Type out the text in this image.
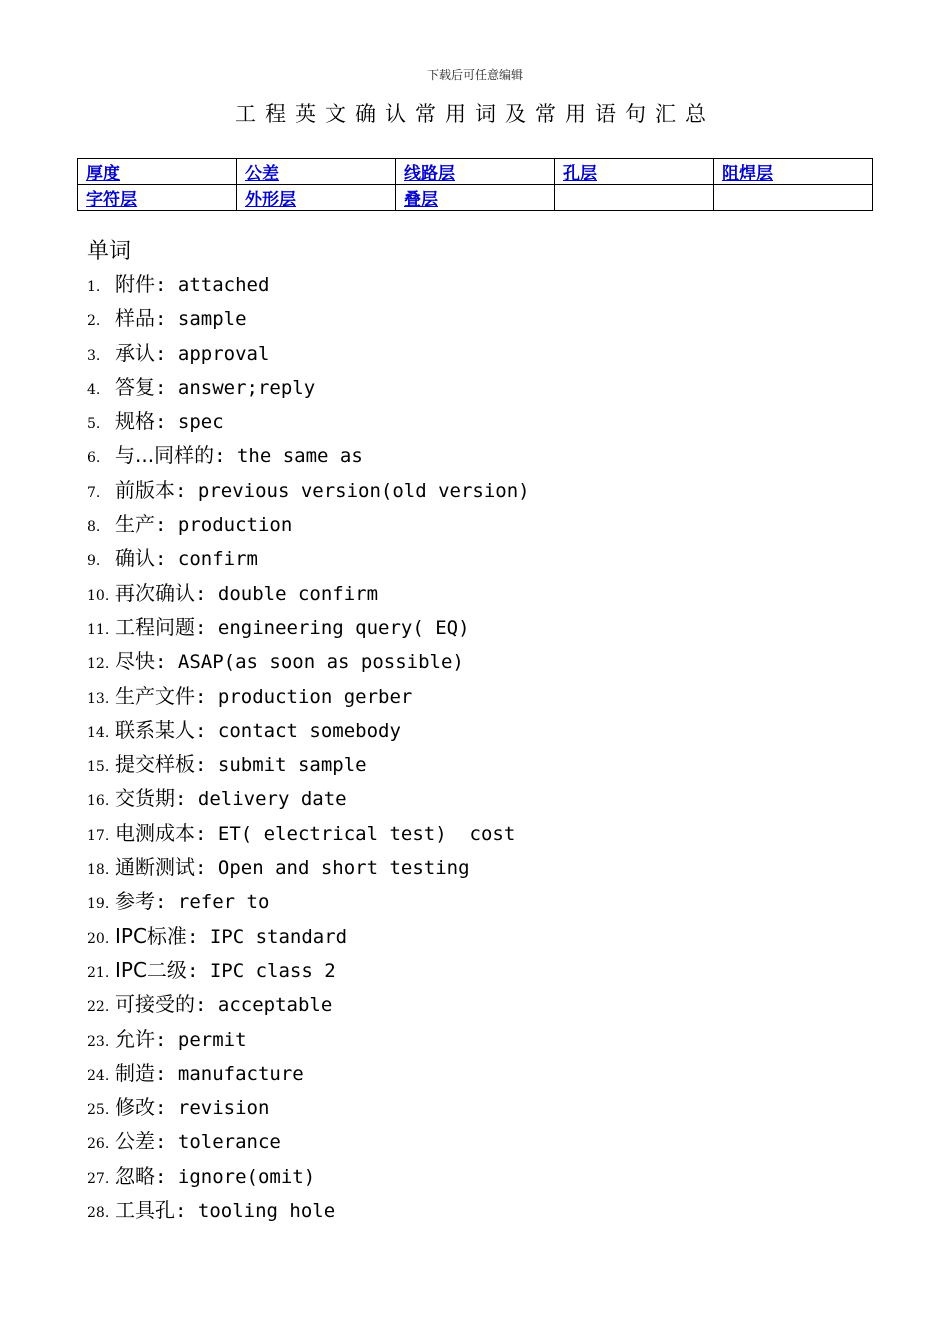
下载后可任意编辑
工程英文确认常用词及常用语句汇总
厚度	公差	线路层	孔层	阻焊层
字符层	外形层	叠层		
单词
1. 附件 : attached
2. 样品 : sample
3. 承认 : approval
4. 答复 : answer;reply
5. 规格 : spec
6. 与...同样的 : the same as
7. 前版本 : previous version(old version)
8. 生产 : production
9. 确认 : confirm
10. 再次确认 : double confirm
11. 工程问题 : engineering query( EQ)
12. 尽快 : ASAP(as soon as possible)
13. 生产文件 : production gerber
14. 联系某人 : contact somebody
15. 提交样板 : submit sample
16. 交货期 : delivery date
17. 电测成本 : ET( electrical test)  cost
18. 通断测试 : Open and short testing
19. 参考 : refer to
20. IPC标准 : IPC standard
21. IPC二级 : IPC class 2
22. 可接受的 : acceptable
23. 允许 : permit
24. 制造 : manufacture
25. 修改 : revision
26. 公差 : tolerance
27. 忽略 : ignore(omit)
28. 工具孔 : tooling hole
